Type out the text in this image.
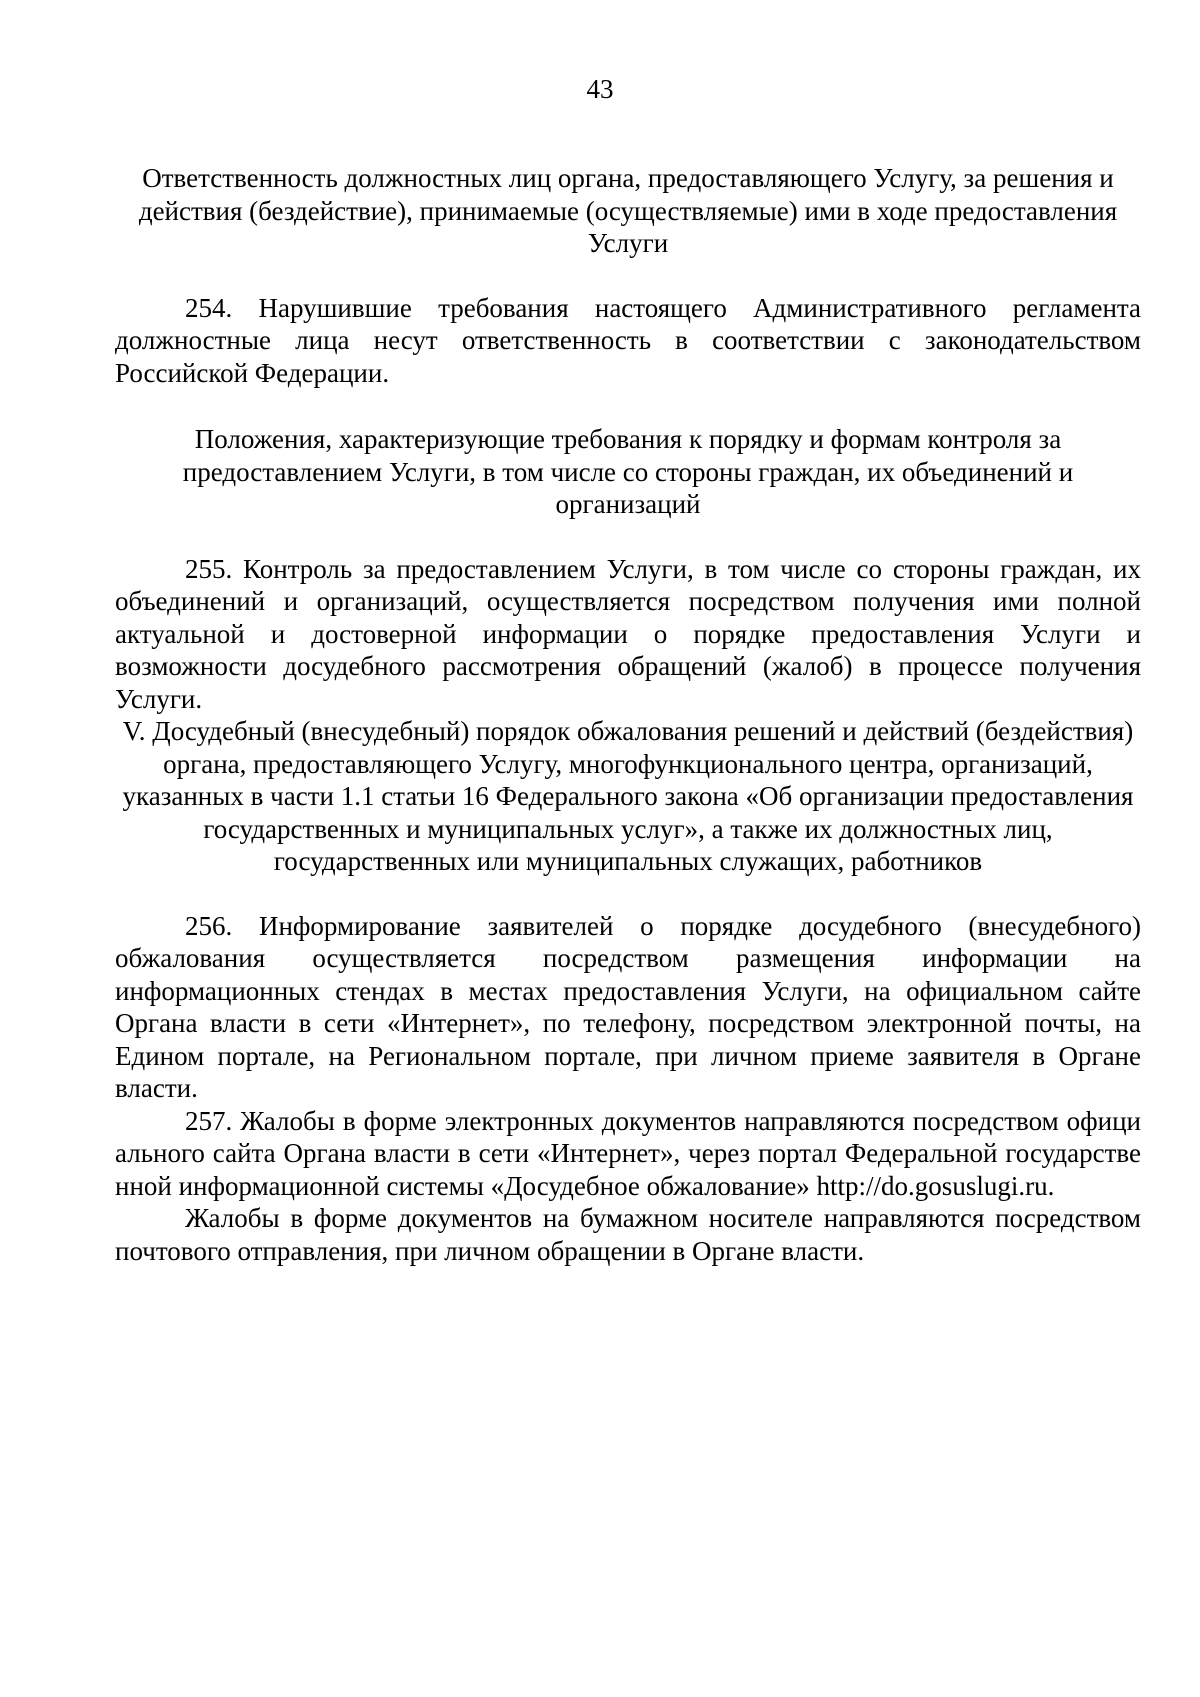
43

Ответственность должностных лиц органа, предоставляющего Услугу, за решения и действия (бездействие), принимаемые (осуществляемые) ими в ходе предоставления Услуги

254. Нарушившие требования настоящего Административного регламента должностные лица несут ответственность в соответствии с законодательством Российской Федерации.

Положения, характеризующие требования к порядку и формам контроля за предоставлением Услуги, в том числе со стороны граждан, их объединений и организаций

255. Контроль за предоставлением Услуги, в том числе со стороны граждан, их объединений и организаций, осуществляется посредством получения ими полной актуальной и достоверной информации о порядке предоставления Услуги и возможности досудебного рассмотрения обращений (жалоб) в процессе получения Услуги.

V. Досудебный (внесудебный) порядок обжалования решений и действий (бездействия) органа, предоставляющего Услугу, многофункционального центра, организаций, указанных в части 1.1 статьи 16 Федерального закона «Об организации предоставления государственных и муниципальных услуг», а также их должностных лиц, государственных или муниципальных служащих, работников

256. Информирование заявителей о порядке досудебного (внесудебного) обжалования осуществляется посредством размещения информации на информационных стендах в местах предоставления Услуги, на официальном сайте Органа власти в сети «Интернет», по телефону, посредством электронной почты, на Едином портале, на Региональном портале, при личном приеме заявителя в Органе власти.

257. Жалобы в форме электронных документов направляются посредством официального сайта Органа власти в сети «Интернет», через портал Федеральной государственной информационной системы «Досудебное обжалование» http://do.gosuslugi.ru.

Жалобы в форме документов на бумажном носителе направляются посредством почтового отправления, при личном обращении в Органе власти.
